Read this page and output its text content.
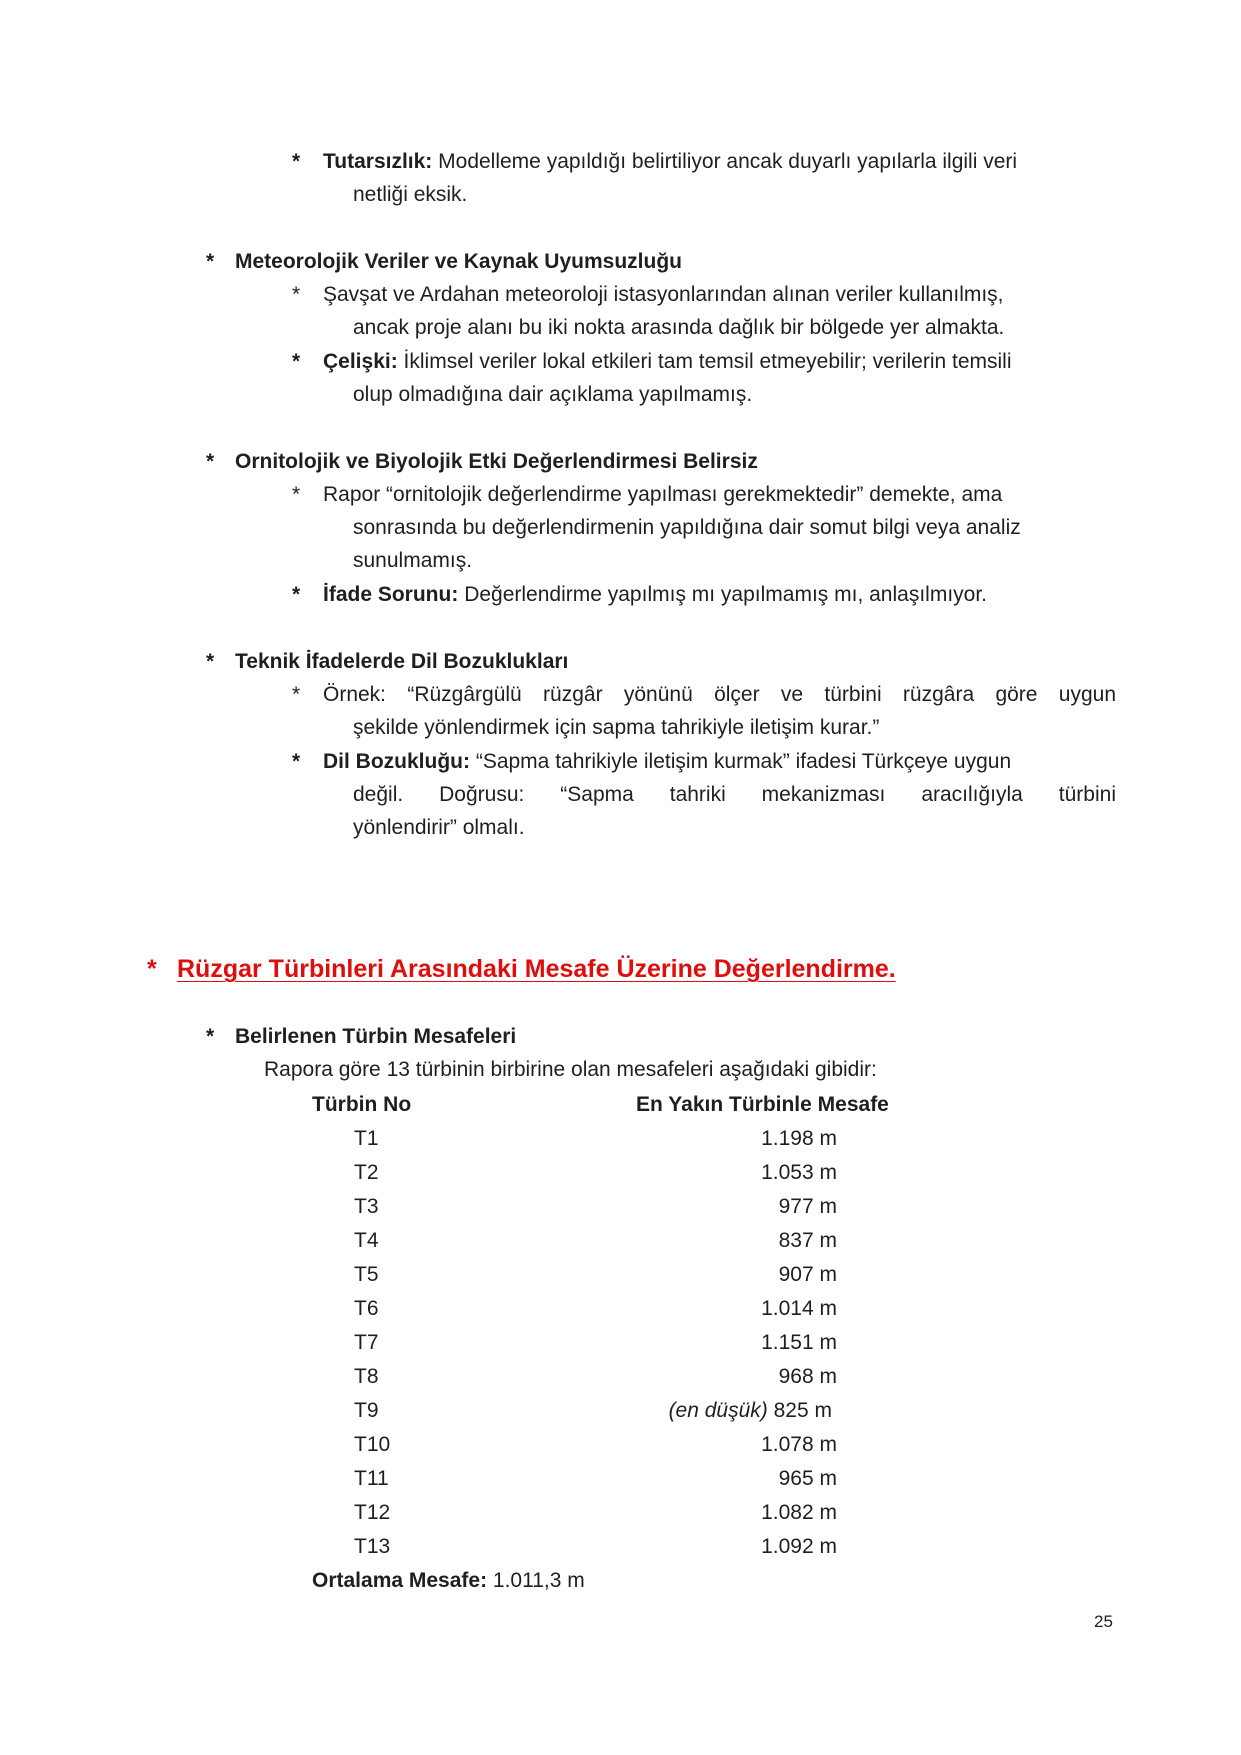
* Tutarsızlık: Modelleme yapıldığı belirtiliyor ancak duyarlı yapılarla ilgili veri
netliği eksik.
* Meteorolojik Veriler ve Kaynak Uyumsuzluğu
* Şavşat ve Ardahan meteoroloji istasyonlarından alınan veriler kullanılmış,
ancak proje alanı bu iki nokta arasında dağlık bir bölgede yer almakta.
* Çelişki: İklimsel veriler lokal etkileri tam temsil etmeyebilir; verilerin temsili
olup olmadığına dair açıklama yapılmamış.
* Ornitolojik ve Biyolojik Etki Değerlendirmesi Belirsiz
* Rapor “ornitolojik değerlendirme yapılması gerekmektedir” demekte, ama
sonrasında bu değerlendirmenin yapıldığına dair somut bilgi veya analiz
sunulmamış.
* İfade Sorunu: Değerlendirme yapılmış mı yapılmamış mı, anlaşılmıyor.
* Teknik İfadelerde Dil Bozuklukları
* Örnek: “Rüzgârgülü rüzgâr yönünü ölçer ve türbini rüzgâra göre uygun
şekilde yönlendirmek için sapma tahrikiyle iletişim kurar.”
* Dil Bozukluğu: “Sapma tahrikiyle iletişim kurmak” ifadesi Türkçeye uygun
değil. Doğrusu: “Sapma tahriki mekanizması aracılığıyla türbini
yönlendirir” olmalı.
* Rüzgar Türbinleri Arasındaki Mesafe Üzerine Değerlendirme.
* Belirlenen Türbin Mesafeleri
Rapora göre 13 türbinin birbirine olan mesafeleri aşağıdaki gibidir:
Türbin No	En Yakın Türbinle Mesafe
T1	1.198 m
T2	1.053 m
T3	977 m
T4	837 m
T5	907 m
T6	1.014 m
T7	1.151 m
T8	968 m
T9	(en düşük) 825 m
T10	1.078 m
T11	965 m
T12	1.082 m
T13	1.092 m
Ortalama Mesafe: 1.011,3 m
25
